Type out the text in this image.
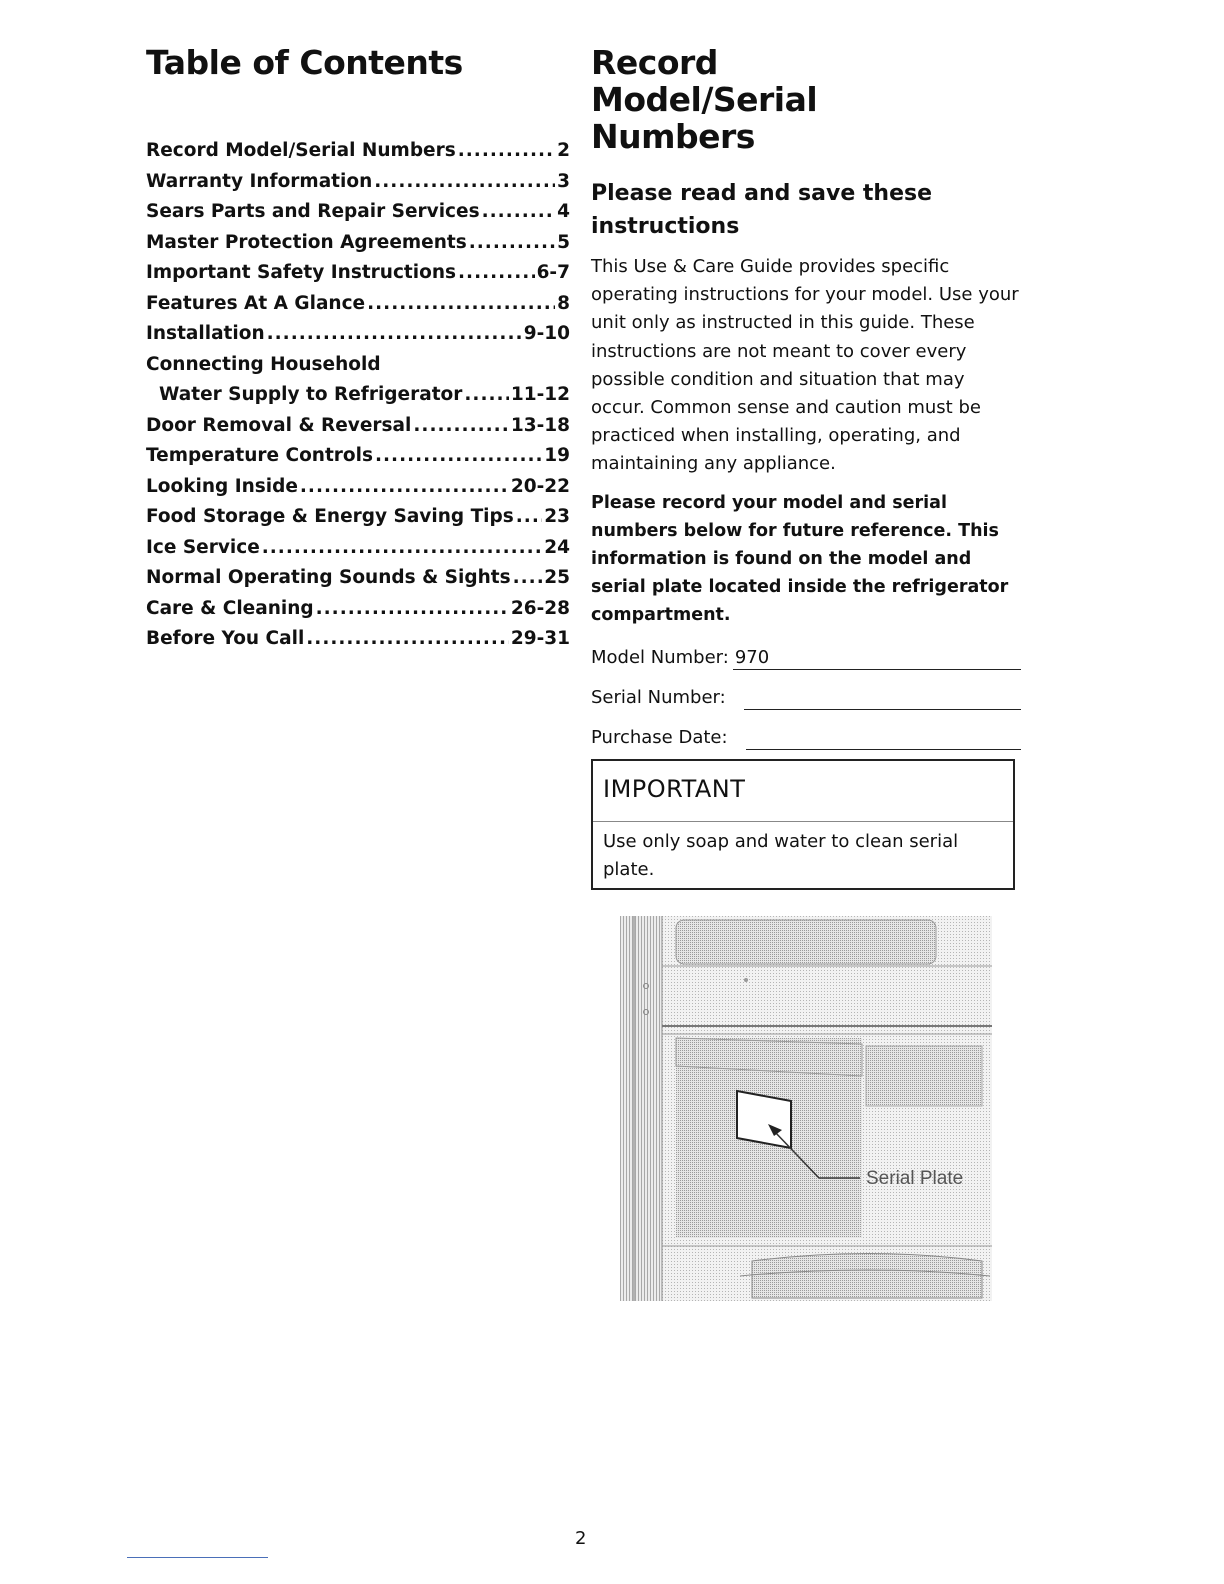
Table of Contents
Record Model/Serial Numbers .....	2
Warranty Information .....	3
Sears Parts and Repair Services .....	4
Master Protection Agreements .....	5
Important Safety Instructions .....	6-7
Features At A Glance .....	8
Installation .....	9-10
Connecting Household
Water Supply to Refrigerator .....	11-12
Door Removal & Reversal .....	13-18
Temperature Controls .....	19
Looking Inside .....	20-22
Food Storage & Energy Saving Tips ..... 23
Ice Service .....	24
Normal Operating Sounds & Sights ..... 25
Care & Cleaning .....	26-28
Before You Call .....	29-31
Record Model/Serial Numbers
Please read and save these instructions

This Use & Care Guide provides specific operating instructions for your model. Use your unit only as instructed in this guide. These instructions are not meant to cover every possible condition and situation that may occur. Common sense and caution must be practiced when installing, operating, and maintaining any appliance.

Please record your model and serial numbers below for future reference. This information is found on the model and serial plate located inside the refrigerator compartment.

Model Number: 970
Serial Number:
Purchase Date:
IMPORTANT
Use only soap and water to clean serial plate.
Serial Plate
2
